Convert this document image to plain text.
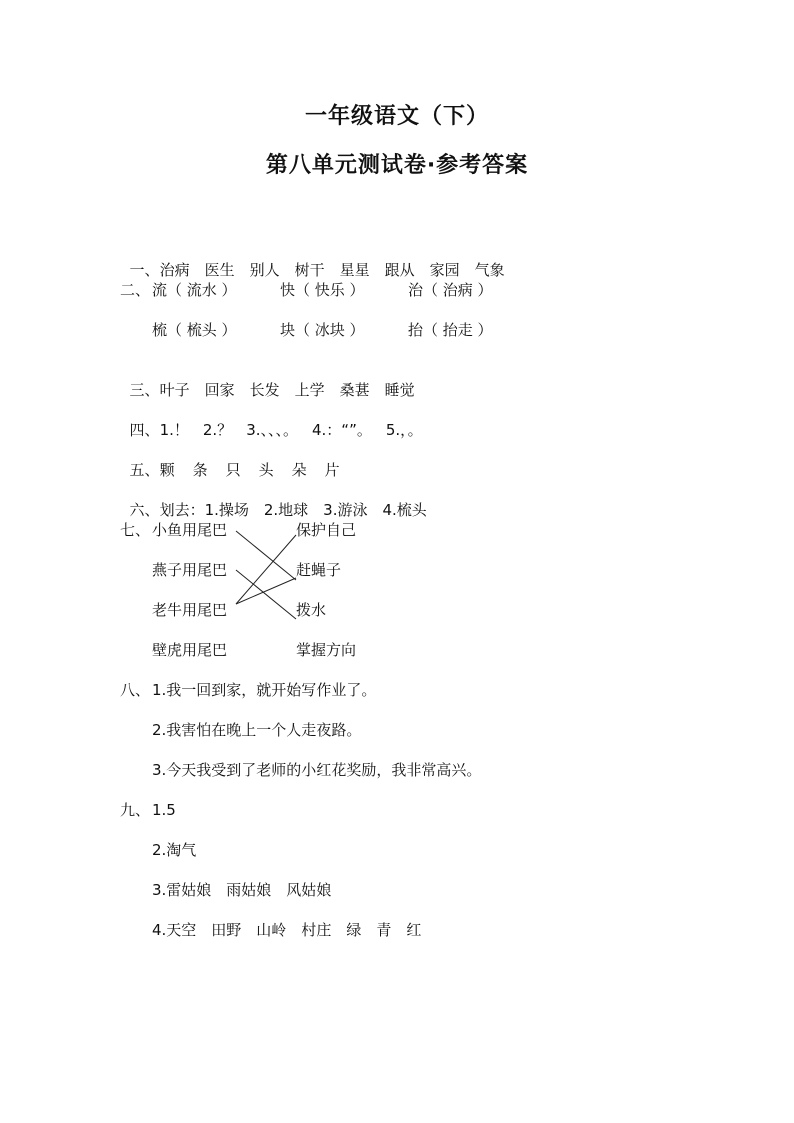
一年级语文（下）
第八单元测试卷·参考答案

一、治病 医生 别人 树干 星星 跟从 家园 气象

二、 流（ 流水 ）	快（ 快乐 ）	治（ 治病 ）
梳（ 梳头 ）	块（ 冰块 ）	抬（ 抬走 ）

三、叶子 回家 长发 上学 桑葚 睡觉

四、1.！ 2.？ 3.、、、。 4.：“”。 5.，。

五、颗 条 只 头 朵 片

六、划去：1.操场　2.地球　3.游泳　4.梳头

七、 小鱼用尾巴
燕子用尾巴
老牛用尾巴
壁虎用尾巴
保护自己
赶蝇子
拨水
掌握方向
八、 1.我一回到家，就开始写作业了。
2.我害怕在晚上一个人走夜路。
3.今天我受到了老师的小红花奖励，我非常高兴。
九、 1.5
2.淘气
3.雷姑娘　雨姑娘　风姑娘
4.天空　田野　山岭　村庄　绿　青　红
